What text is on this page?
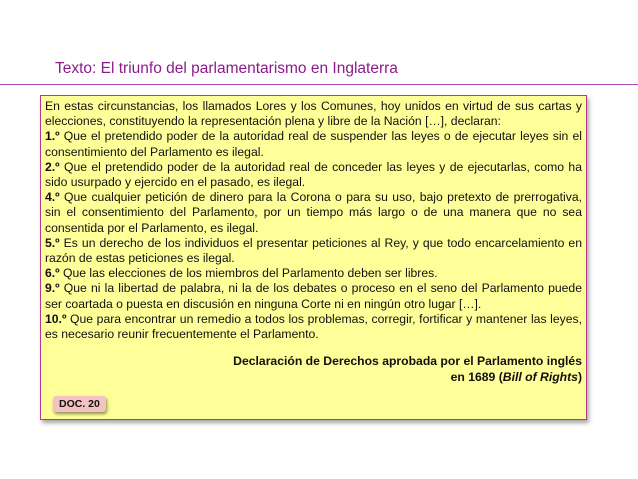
Texto: El triunfo del parlamentarismo en Inglaterra

En estas circunstancias, los llamados Lores y los Comunes, hoy unidos en virtud de sus cartas y elecciones, constituyendo la representación plena y libre de la Nación […], declaran:

1.º Que el pretendido poder de la autoridad real de suspender las leyes o de ejecutar leyes sin el consentimiento del Parlamento es ilegal.

2.º Que el pretendido poder de la autoridad real de conceder las leyes y de ejecutarlas, como ha sido usurpado y ejercido en el pasado, es ilegal.

4.º Que cualquier petición de dinero para la Corona o para su uso, bajo pretexto de prerrogativa, sin el consentimiento del Parlamento, por un tiempo más largo o de una manera que no sea consentida por el Parlamento, es ilegal.

5.º Es un derecho de los individuos el presentar peticiones al Rey, y que todo encarcelamiento en razón de estas peticiones es ilegal.

6.º Que las elecciones de los miembros del Parlamento deben ser libres.

9.º Que ni la libertad de palabra, ni la de los debates o proceso en el seno del Parlamento puede ser coartada o puesta en discusión en ninguna Corte ni en ningún otro lugar […].

10.º Que para encontrar un remedio a todos los problemas, corregir, fortificar y mantener las leyes, es necesario reunir frecuentemente el Parlamento.

Declaración de Derechos aprobada por el Parlamento inglés
en 1689 (Bill of Rights)
DOC. 20
